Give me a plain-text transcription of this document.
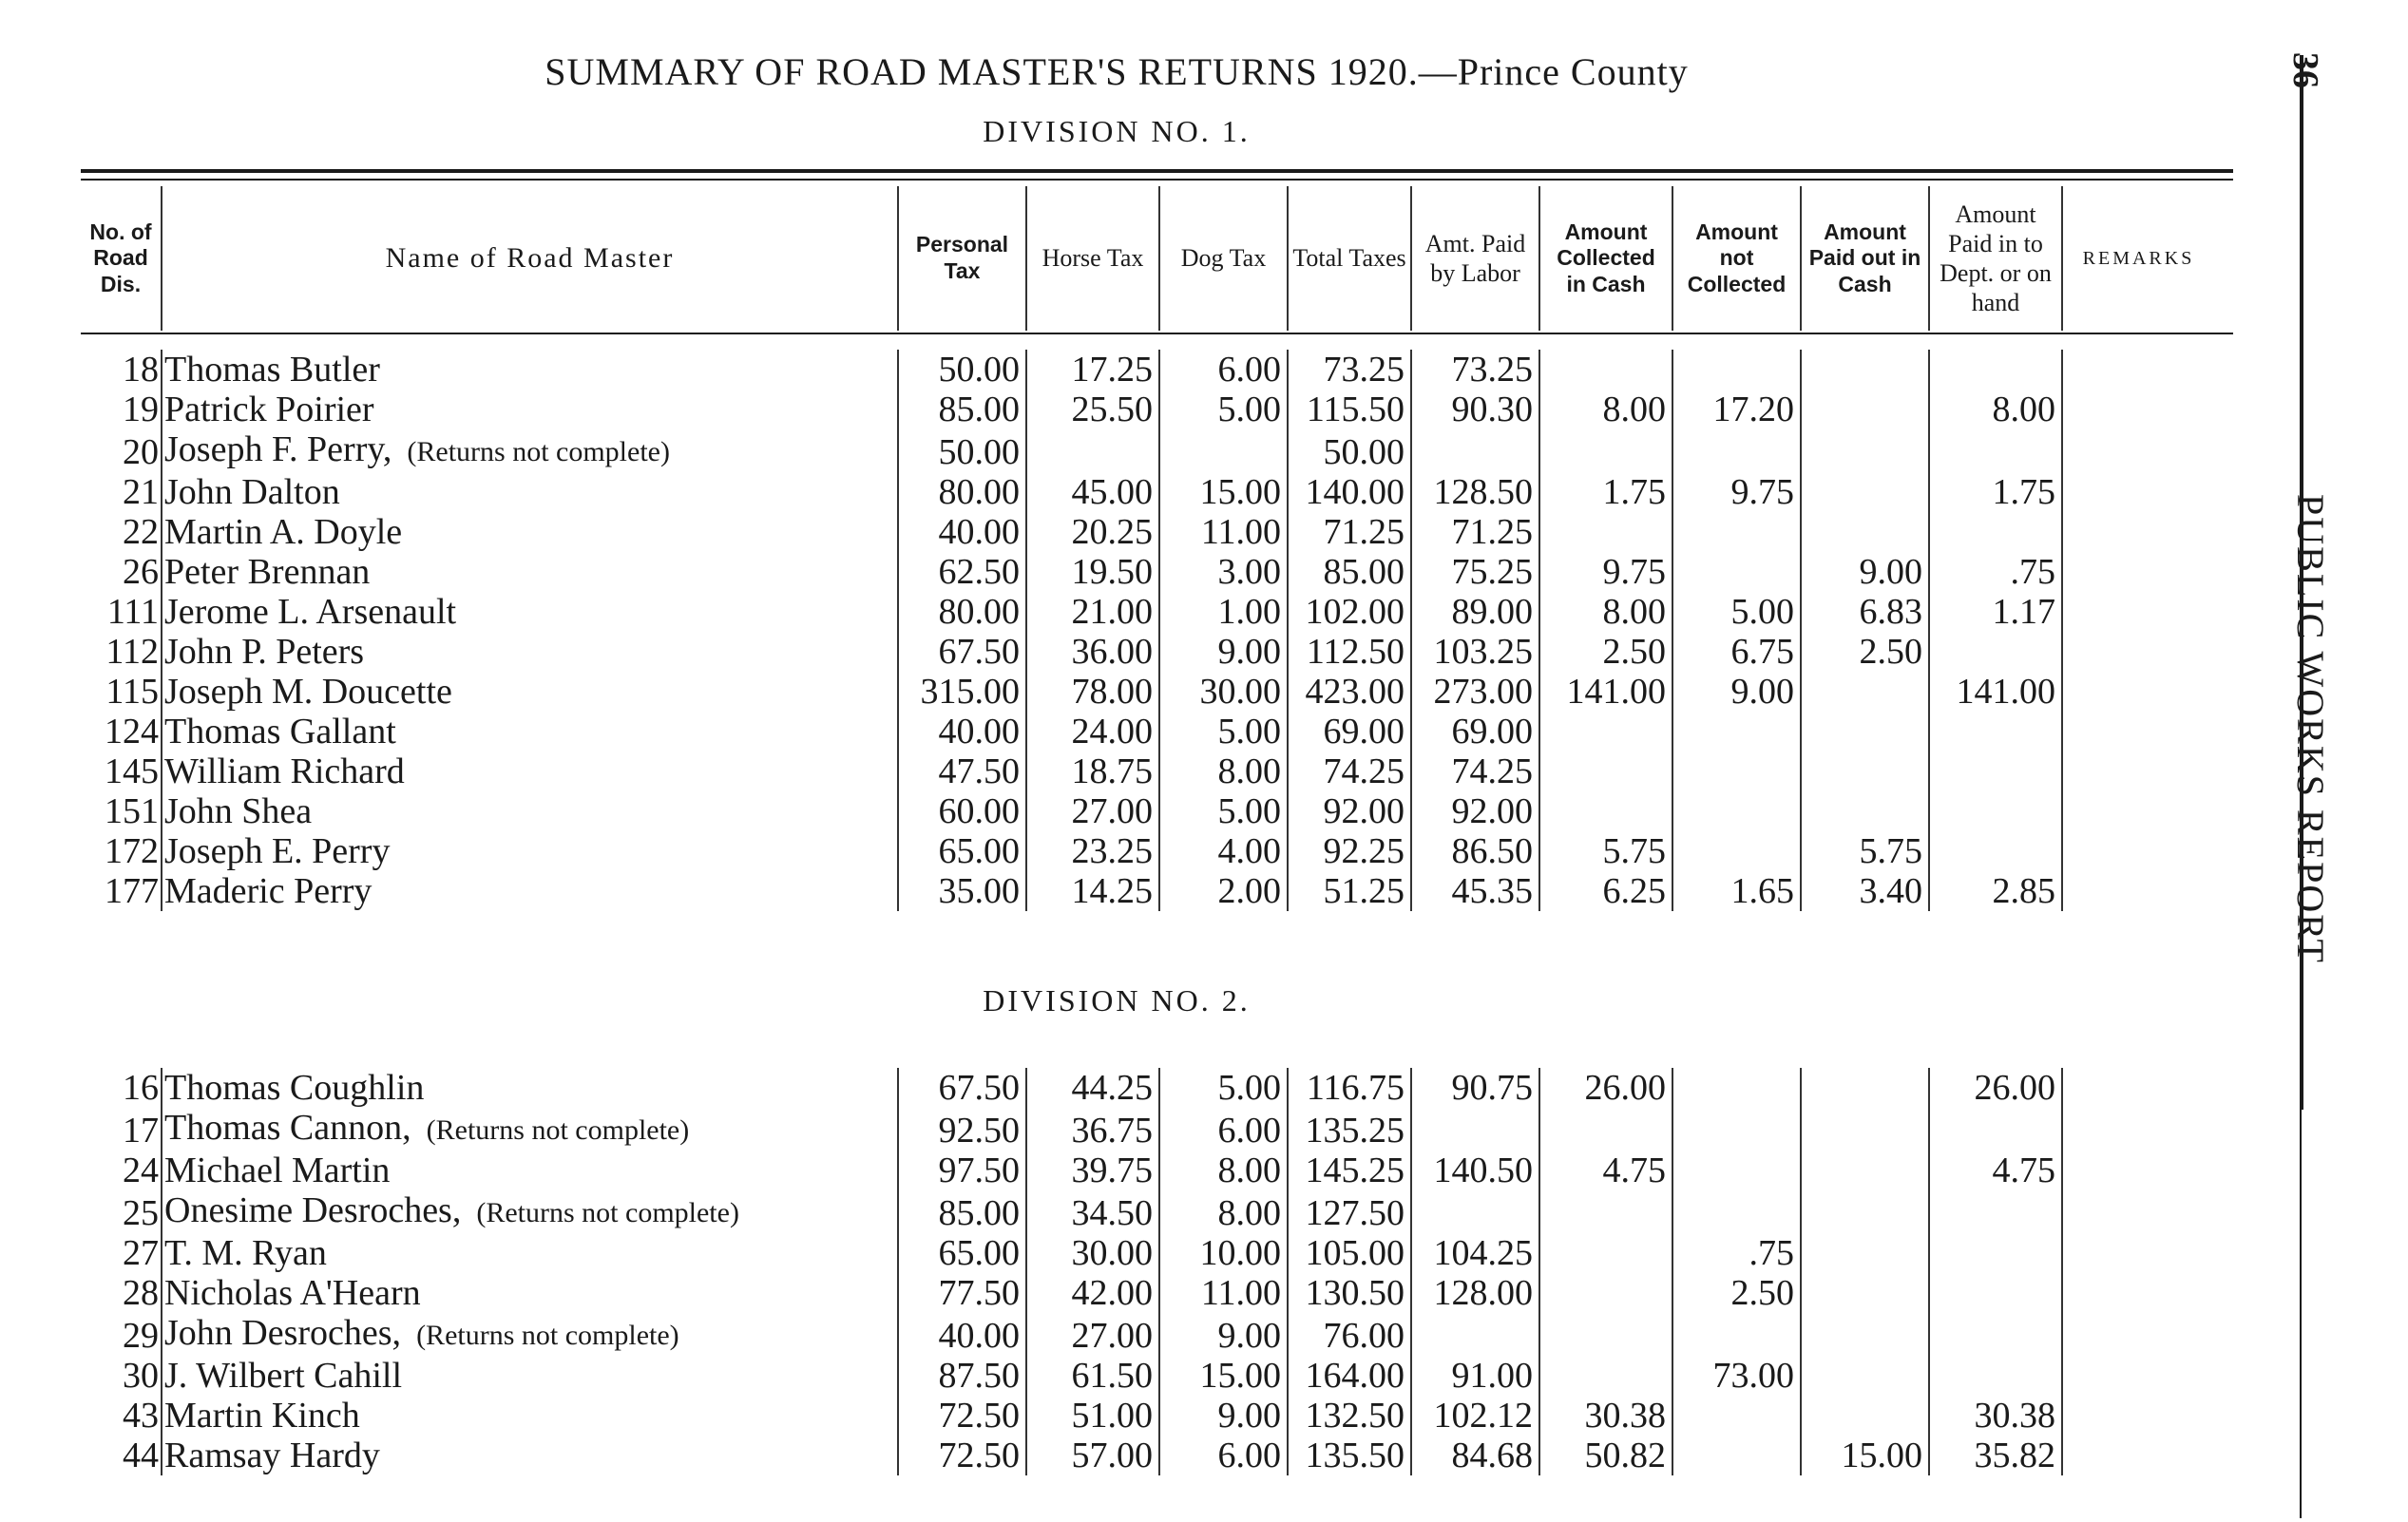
SUMMARY OF ROAD MASTER'S RETURNS 1920.—Prince County
DIVISION NO. 1.
36
PUBLIC WORKS REPORT
No. of Road Dis.	Name of Road Master	Personal Tax	Horse Tax	Dog Tax	Total Taxes	Amt. Paid by Labor	Amount Collected in Cash	Amount not Collected	Amount Paid out in Cash	Amount Paid in to Dept. or on hand	REMARKS
18	Thomas Butler	50.00	17.25	6.00	73.25	73.25					
19	Patrick Poirier	85.00	25.50	5.00	115.50	90.30	8.00	17.20		8.00	
20	Joseph F. Perry, (Returns not complete)	50.00			50.00						
21	John Dalton	80.00	45.00	15.00	140.00	128.50	1.75	9.75		1.75	
22	Martin A. Doyle	40.00	20.25	11.00	71.25	71.25					
26	Peter Brennan	62.50	19.50	3.00	85.00	75.25	9.75		9.00	.75	
111	Jerome L. Arsenault	80.00	21.00	1.00	102.00	89.00	8.00	5.00	6.83	1.17	
112	John P. Peters	67.50	36.00	9.00	112.50	103.25	2.50	6.75	2.50		
115	Joseph M. Doucette	315.00	78.00	30.00	423.00	273.00	141.00	9.00		141.00	
124	Thomas Gallant	40.00	24.00	5.00	69.00	69.00					
145	William Richard	47.50	18.75	8.00	74.25	74.25					
151	John Shea	60.00	27.00	5.00	92.00	92.00					
172	Joseph E. Perry	65.00	23.25	4.00	92.25	86.50	5.75		5.75		
177	Maderic Perry	35.00	14.25	2.00	51.25	45.35	6.25	1.65	3.40	2.85	
DIVISION NO. 2.
16	Thomas Coughlin	67.50	44.25	5.00	116.75	90.75	26.00			26.00	
17	Thomas Cannon, (Returns not complete)	92.50	36.75	6.00	135.25						
24	Michael Martin	97.50	39.75	8.00	145.25	140.50	4.75			4.75	
25	Onesime Desroches, (Returns not complete)	85.00	34.50	8.00	127.50						
27	T. M. Ryan	65.00	30.00	10.00	105.00	104.25		.75			
28	Nicholas A'Hearn	77.50	42.00	11.00	130.50	128.00		2.50			
29	John Desroches, (Returns not complete)	40.00	27.00	9.00	76.00						
30	J. Wilbert Cahill	87.50	61.50	15.00	164.00	91.00		73.00			
43	Martin Kinch	72.50	51.00	9.00	132.50	102.12	30.38			30.38	
44	Ramsay Hardy	72.50	57.00	6.00	135.50	84.68	50.82		15.00	35.82	
